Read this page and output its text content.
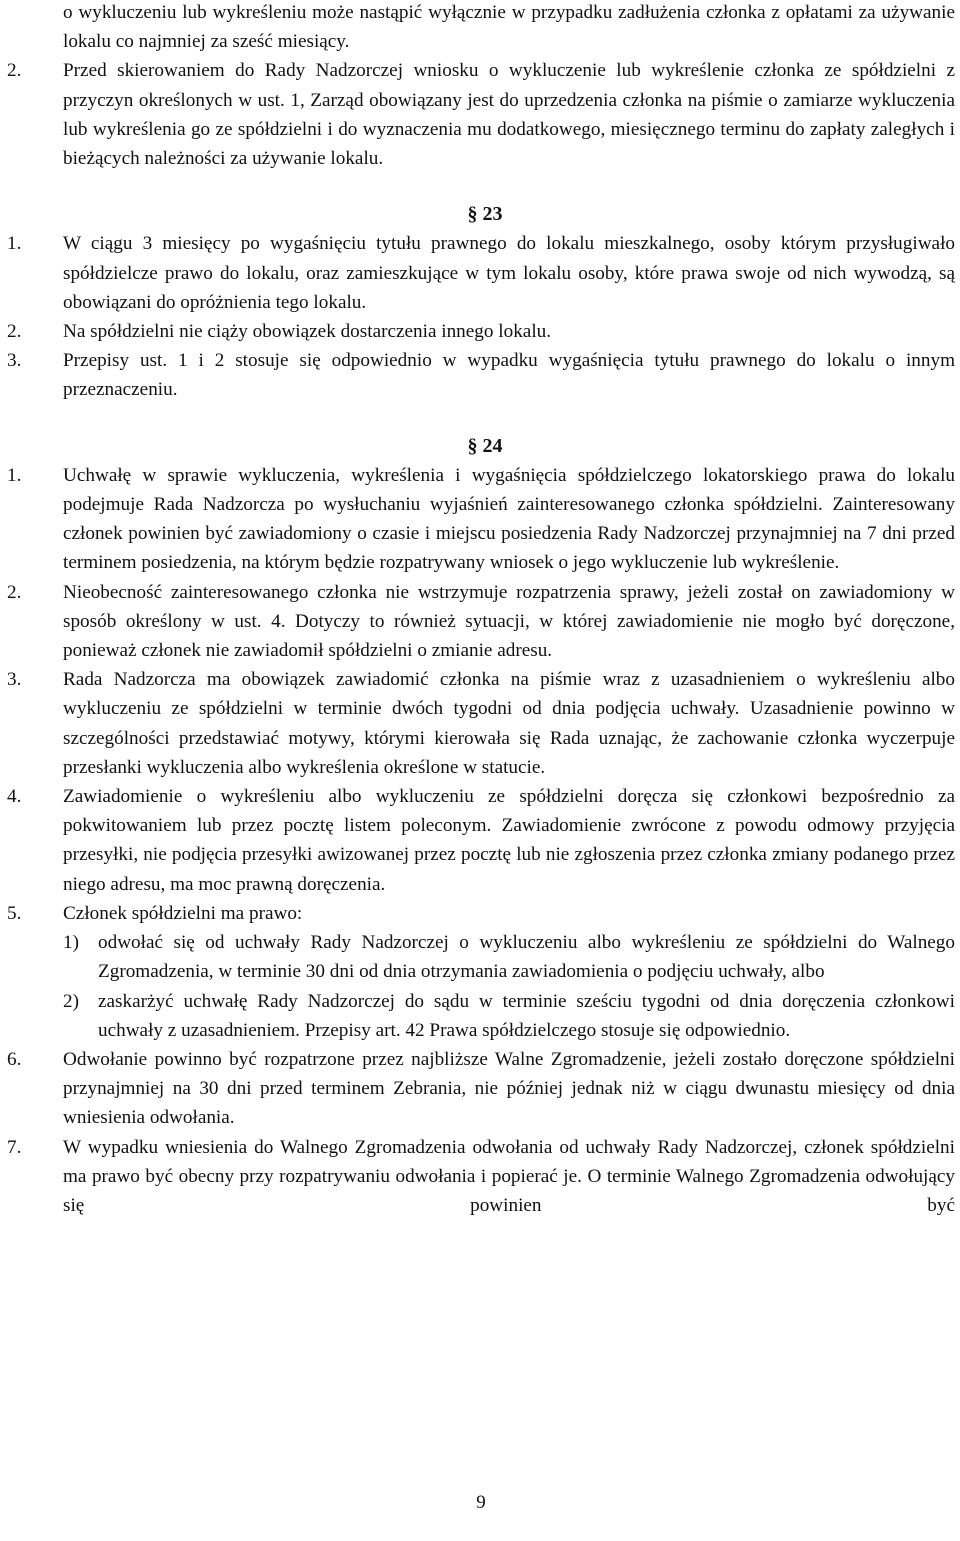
o wykluczeniu lub wykreśleniu może nastąpić wyłącznie w przypadku zadłużenia członka z opłatami za używanie lokalu co najmniej za sześć miesiący.
2.	Przed skierowaniem do Rady Nadzorczej wniosku o wykluczenie lub wykreślenie członka ze spółdzielni z przyczyn określonych w ust. 1, Zarząd obowiązany jest do uprzedzenia członka na piśmie o zamiarze wykluczenia lub wykreślenia go ze spółdzielni i do wyznaczenia mu dodatkowego, miesięcznego terminu do zapłaty zaległych i bieżących należności za używanie lokalu.
§ 23
1.	W ciągu 3 miesięcy po wygaśnięciu tytułu prawnego do lokalu mieszkalnego, osoby którym przysługiwało spółdzielcze prawo do lokalu, oraz zamieszkujące w tym lokalu osoby, które prawa swoje od nich wywodzą, są obowiązani do opróżnienia tego lokalu.
2.	Na spółdzielni nie ciąży obowiązek dostarczenia innego lokalu.
3.	Przepisy ust. 1 i 2 stosuje się odpowiednio w wypadku wygaśnięcia tytułu prawnego do lokalu o innym przeznaczeniu.
§ 24
1.	Uchwałę w sprawie wykluczenia, wykreślenia i wygaśnięcia spółdzielczego lokatorskiego prawa do lokalu podejmuje Rada Nadzorcza po wysłuchaniu wyjaśnień zainteresowanego członka spółdzielni. Zainteresowany członek powinien być zawiadomiony o czasie i miejscu posiedzenia Rady Nadzorczej przynajmniej na 7 dni przed terminem posiedzenia, na którym będzie rozpatrywany wniosek o jego wykluczenie lub wykreślenie.
2.	Nieobecność zainteresowanego członka nie wstrzymuje rozpatrzenia sprawy, jeżeli został on zawiadomiony w sposób określony w ust. 4. Dotyczy to również sytuacji, w której zawiadomienie nie mogło być doręczone, ponieważ członek nie zawiadomił spółdzielni o zmianie adresu.
3.	Rada Nadzorcza ma obowiązek zawiadomić członka na piśmie wraz z uzasadnieniem o wykreśleniu albo wykluczeniu ze spółdzielni w terminie dwóch tygodni od dnia podjęcia uchwały. Uzasadnienie powinno w szczególności przedstawiać motywy, którymi kierowała się Rada uznając, że zachowanie członka wyczerpuje przesłanki wykluczenia albo wykreślenia określone w statucie.
4.	Zawiadomienie o wykreśleniu albo wykluczeniu ze spółdzielni doręcza się członkowi bezpośrednio za pokwitowaniem lub przez pocztę listem poleconym. Zawiadomienie zwrócone z powodu odmowy przyjęcia przesyłki, nie podjęcia przesyłki awizowanej przez pocztę lub nie zgłoszenia przez członka zmiany podanego przez niego adresu, ma moc prawną doręczenia.
5.	Członek spółdzielni ma prawo:
1) odwołać się od uchwały Rady Nadzorczej o wykluczeniu albo wykreśleniu ze spółdzielni do Walnego Zgromadzenia, w terminie 30 dni od dnia otrzymania zawiadomienia o podjęciu uchwały, albo
2) zaskarżyć uchwałę Rady Nadzorczej do sądu w terminie sześciu tygodni od dnia doręczenia członkowi uchwały z uzasadnieniem. Przepisy art. 42 Prawa spółdzielczego stosuje się odpowiednio.
6.	Odwołanie powinno być rozpatrzone przez najbliższe Walne Zgromadzenie, jeżeli zostało doręczone spółdzielni przynajmniej na 30 dni przed terminem Zebrania, nie później jednak niż w ciągu dwunastu miesięcy od dnia wniesienia odwołania.
7.	W wypadku wniesienia do Walnego Zgromadzenia odwołania od uchwały Rady Nadzorczej, członek spółdzielni ma prawo być obecny przy rozpatrywaniu odwołania i popierać je. O terminie Walnego Zgromadzenia odwołujący się powinien być
9
